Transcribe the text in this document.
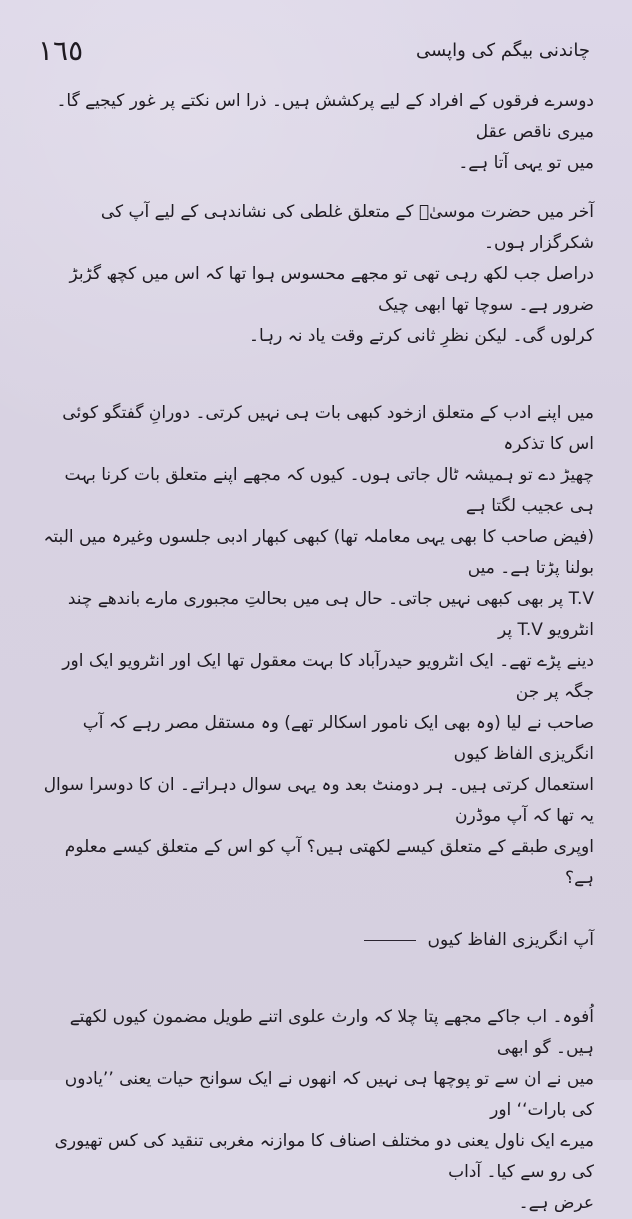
١٦٥	چاندنی بیگم کی واپسی

دوسرے فرقوں کے افراد کے لیے پرکشش ہیں۔ ذرا اس نکتے پر غور کیجیے گا۔ میری ناقص عقل
میں تو یہی آتا ہے۔

آخر میں حضرت موسیٰؑ کے متعلق غلطی کی نشاندہی کے لیے آپ کی شکرگزار ہوں۔
دراصل جب لکھ رہی تھی تو مجھے محسوس ہوا تھا کہ اس میں کچھ گڑبڑ ضرور ہے۔ سوچا تھا ابھی چیک
کرلوں گی۔ لیکن نظرِ ثانی کرتے وقت یاد نہ رہا۔

میں اپنے ادب کے متعلق ازخود کبھی بات ہی نہیں کرتی۔ دورانِ گفتگو کوئی اس کا تذکرہ
چھیڑ دے تو ہمیشہ ٹال جاتی ہوں۔ کیوں کہ مجھے اپنے متعلق بات کرنا بہت ہی عجیب لگتا ہے
(فیض صاحب کا بھی یہی معاملہ تھا) کبھی کبھار ادبی جلسوں وغیرہ میں البتہ بولنا پڑتا ہے۔ میں
T.V پر بھی کبھی نہیں جاتی۔ حال ہی میں بحالتِ مجبوری مارے باندھے چند انٹرویو T.V پر
دینے پڑے تھے۔ ایک انٹرویو حیدرآباد کا بہت معقول تھا ایک اور انٹرویو ایک اور جگہ پر جن
صاحب نے لیا (وہ بھی ایک نامور اسکالر تھے) وہ مستقل مصر رہے کہ آپ انگریزی الفاظ کیوں
استعمال کرتی ہیں۔ ہر دومنٹ بعد وہ یہی سوال دہراتے۔ ان کا دوسرا سوال یہ تھا کہ آپ موڈرن
اوپری طبقے کے متعلق کیسے لکھتی ہیں؟ آپ کو اس کے متعلق کیسے معلوم ہے؟

آپ انگریزی الفاظ کیوں

اُفوہ۔ اب جاکے مجھے پتا چلا کہ وارث علوی اتنے طویل مضمون کیوں لکھتے ہیں۔ گو ابھی
میں نے ان سے تو پوچھا ہی نہیں کہ انھوں نے ایک سوانح حیات یعنی ’’یادوں کی بارات‘‘ اور
میرے ایک ناول یعنی دو مختلف اصناف کا موازنہ مغربی تنقید کی کس تھیوری کی رو سے کیا۔ آداب
عرض ہے۔
